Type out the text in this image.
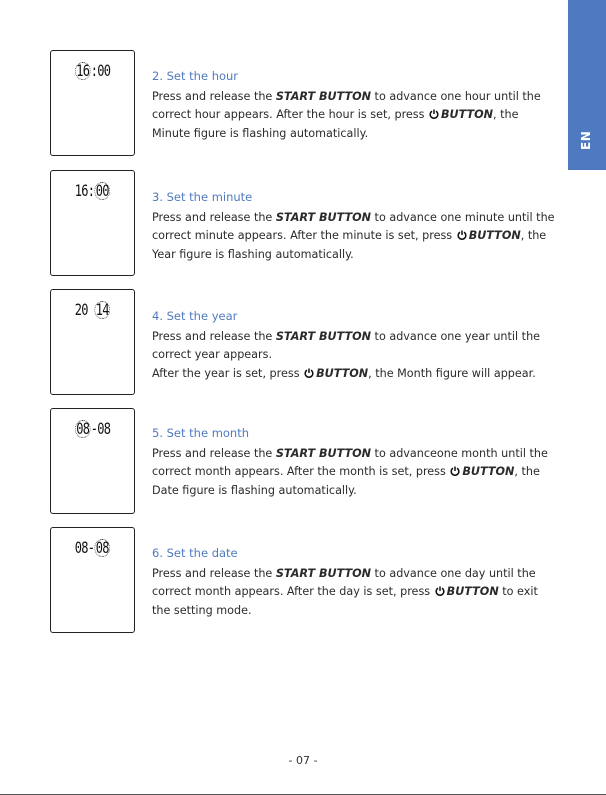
EN
16:00	2. Set the hour
Press and release the START BUTTON to advance one hour until the correct hour appears. After the hour is set, press BUTTON, the Minute figure is flashing automatically.
16:00	3. Set the minute
Press and release the START BUTTON to advance one minute until the correct minute appears. After the minute is set, press BUTTON, the Year figure is flashing automatically.
20 14	4. Set the year
Press and release the START BUTTON to advance one year until the correct year appears.
After the year is set, press BUTTON, the Month figure will appear.
08-08	5. Set the month
Press and release the START BUTTON to advanceone month until the correct month appears. After the month is set, press BUTTON, the Date figure is flashing automatically.
08-08	6. Set the date
Press and release the START BUTTON to advance one day until the correct month appears. After the day is set, press BUTTON to exit the setting mode.
- 07 -
